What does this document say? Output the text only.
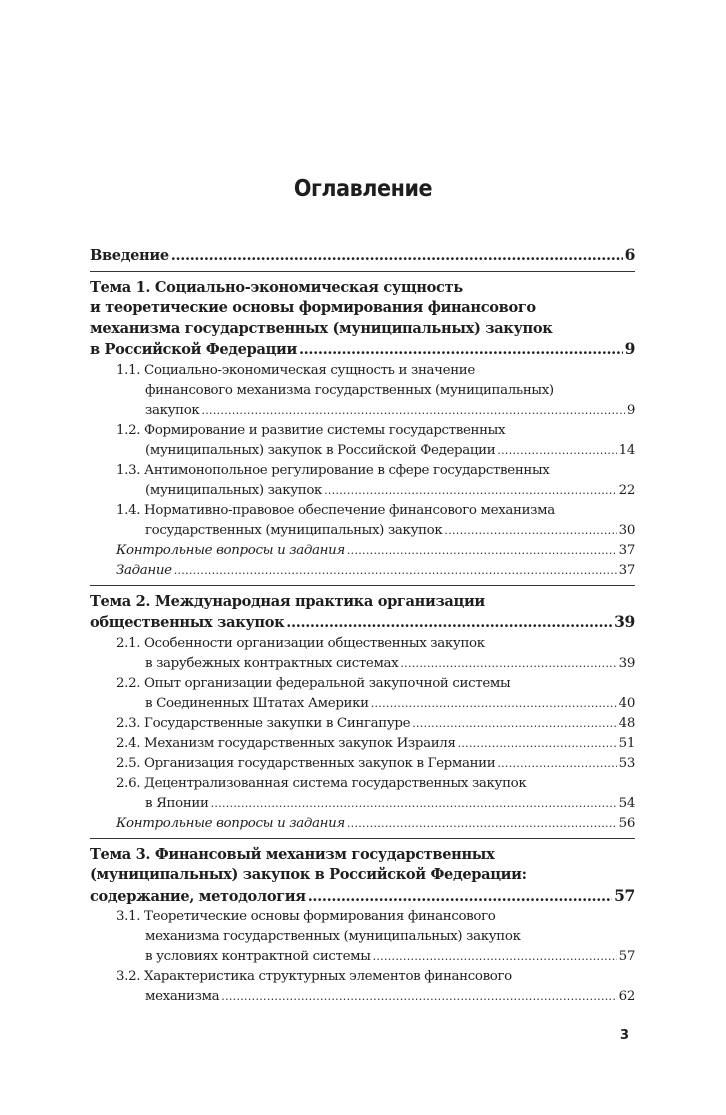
Оглавление
Введение .....	6
Тема 1. Социально-экономическая сущность
и теоретические основы формирования финансового
механизма государственных (муниципальных) закупок
в Российской Федерации .....	9
1.1. Социально-экономическая сущность и значение
финансового механизма государственных (муниципальных)
закупок .....	9
1.2. Формирование и развитие системы государственных
(муниципальных) закупок в Российской Федерации .....	14
1.3. Антимонопольное регулирование в сфере государственных
(муниципальных) закупок .....	22
1.4. Нормативно-правовое обеспечение финансового механизма
государственных (муниципальных) закупок .....	30
Контрольные вопросы и задания .....	37
Задание .....	37
Тема 2. Международная практика организации
общественных закупок .....	39
2.1. Особенности организации общественных закупок
в зарубежных контрактных системах .....	39
2.2. Опыт организации федеральной закупочной системы
в Соединенных Штатах Америки .....	40
2.3. Государственные закупки в Сингапуре .....	48
2.4. Механизм государственных закупок Израиля .....	51
2.5. Организация государственных закупок в Германии .....	53
2.6. Децентрализованная система государственных закупок
в Японии .....	54
Контрольные вопросы и задания .....	56
Тема 3. Финансовый механизм государственных
(муниципальных) закупок в Российской Федерации:
содержание, методология .....	57
3.1. Теоретические основы формирования финансового
механизма государственных (муниципальных) закупок
в условиях контрактной системы .....	57
3.2. Характеристика структурных элементов финансового
механизма .....	62
3
